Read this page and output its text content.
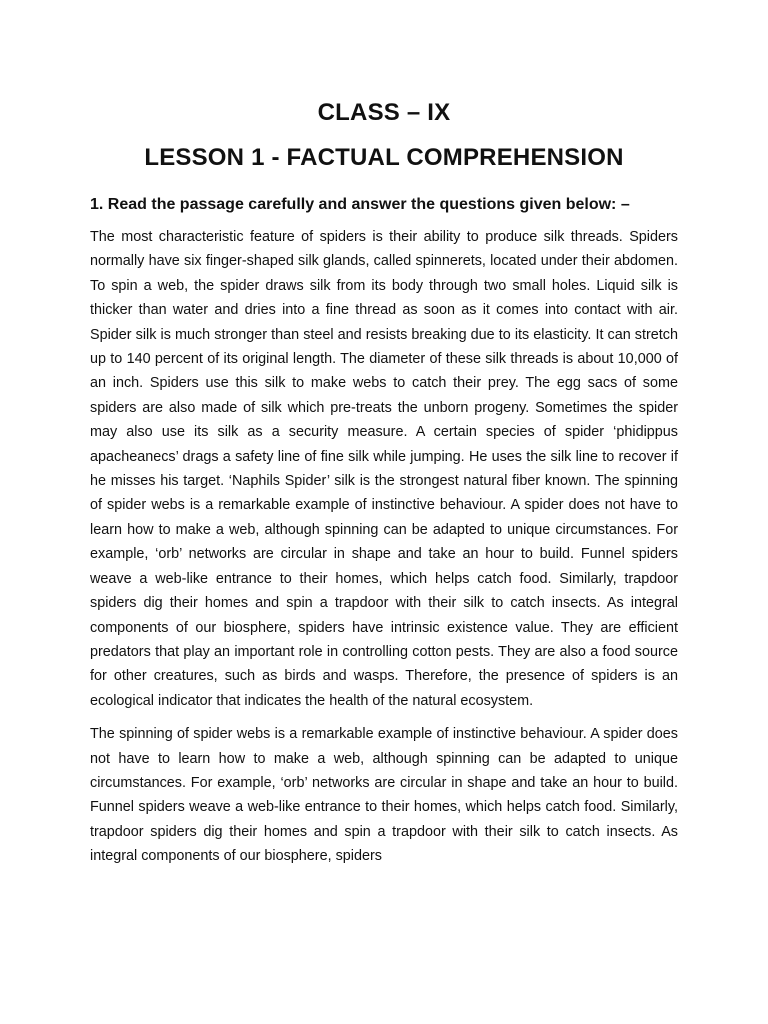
CLASS – IX
LESSON 1 - FACTUAL COMPREHENSION
1. Read the passage carefully and answer the questions given below: –

The most characteristic feature of spiders is their ability to produce silk threads. Spiders normally have six finger-shaped silk glands, called spinnerets, located under their abdomen. To spin a web, the spider draws silk from its body through two small holes. Liquid silk is thicker than water and dries into a fine thread as soon as it comes into contact with air. Spider silk is much stronger than steel and resists breaking due to its elasticity. It can stretch up to 140 percent of its original length. The diameter of these silk threads is about 10,000 of an inch. Spiders use this silk to make webs to catch their prey. The egg sacs of some spiders are also made of silk which pre-treats the unborn progeny. Sometimes the spider may also use its silk as a security measure. A certain species of spider ‘phidippus apacheanecs’ drags a safety line of fine silk while jumping. He uses the silk line to recover if he misses his target. ‘Naphils Spider’ silk is the strongest natural fiber known. The spinning of spider webs is a remarkable example of instinctive behaviour. A spider does not have to learn how to make a web, although spinning can be adapted to unique circumstances. For example, ‘orb’ networks are circular in shape and take an hour to build. Funnel spiders weave a web-like entrance to their homes, which helps catch food. Similarly, trapdoor spiders dig their homes and spin a trapdoor with their silk to catch insects. As integral components of our biosphere, spiders have intrinsic existence value. They are efficient predators that play an important role in controlling cotton pests. They are also a food source for other creatures, such as birds and wasps. Therefore, the presence of spiders is an ecological indicator that indicates the health of the natural ecosystem.

The spinning of spider webs is a remarkable example of instinctive behaviour. A spider does not have to learn how to make a web, although spinning can be adapted to unique circumstances. For example, ‘orb’ networks are circular in shape and take an hour to build. Funnel spiders weave a web-like entrance to their homes, which helps catch food. Similarly, trapdoor spiders dig their homes and spin a trapdoor with their silk to catch insects. As integral components of our biosphere, spiders
